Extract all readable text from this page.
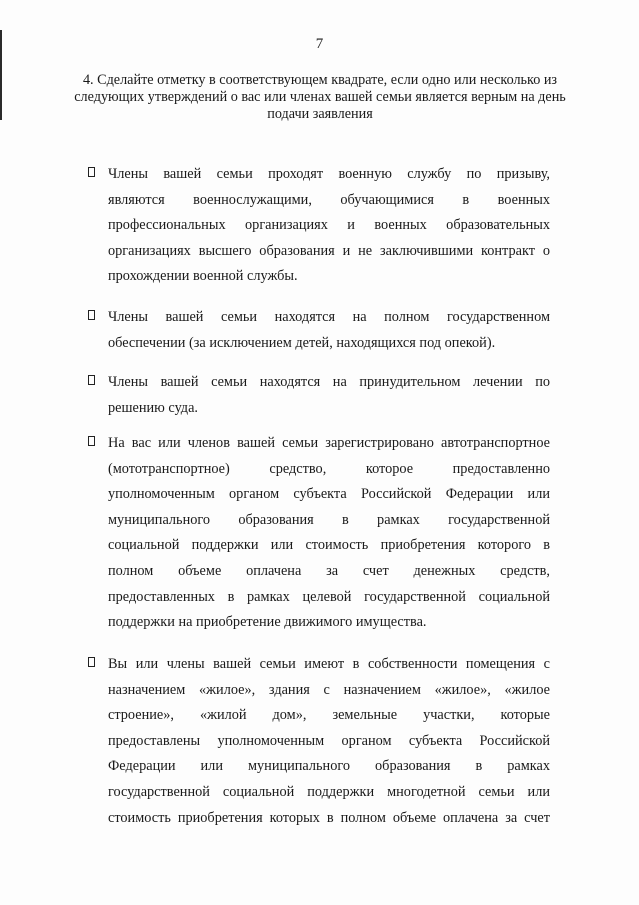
7
4. Сделайте отметку в соответствующем квадрате, если одно или несколько из следующих утверждений о вас или членах вашей семьи является верным на день подачи заявления
Члены вашей семьи проходят военную службу по призыву,
являются военнослужащими, обучающимися в военных
профессиональных организациях и военных образовательных
организациях высшего образования и не заключившими контракт о
прохождении военной службы.
Члены вашей семьи находятся на полном государственном
обеспечении (за исключением детей, находящихся под опекой).
Члены вашей семьи находятся на принудительном лечении по
решению суда.
На вас или членов вашей семьи зарегистрировано автотранспортное
(мототранспортное) средство, которое предоставленно
уполномоченным органом субъекта Российской Федерации или
муниципального образования в рамках государственной
социальной поддержки или стоимость приобретения которого в
полном объеме оплачена за счет денежных средств,
предоставленных в рамках целевой государственной социальной
поддержки на приобретение движимого имущества.
Вы или члены вашей семьи имеют в собственности помещения с
назначением «жилое», здания с назначением «жилое», «жилое
строение», «жилой дом», земельные участки, которые
предоставлены уполномоченным органом субъекта Российской
Федерации или муниципального образования в рамках
государственной социальной поддержки многодетной семьи или
стоимость приобретения которых в полном объеме оплачена за счет
